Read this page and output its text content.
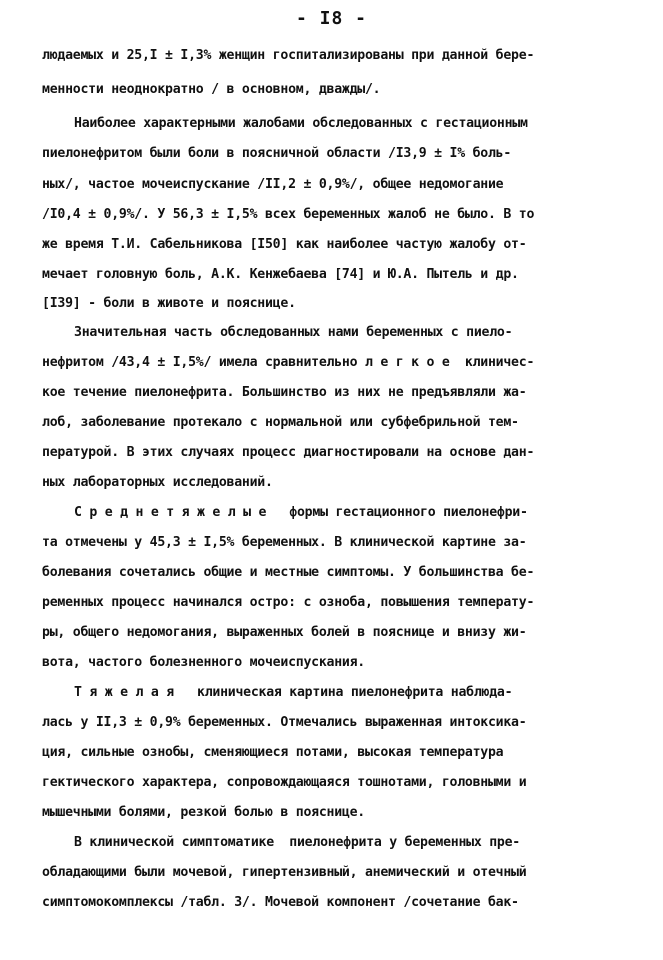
- I8 -
людаемых и 25,I ± I,3% женщин госпитализированы при данной бере-
менности неоднократно / в основном, дважды/.
Наиболее характерными жалобами обследованных с гестационным
пиелонефритом были боли в поясничной области /I3,9 ± I% боль-
ных/, частое мочеиспускание /II,2 ± 0,9%/, общее недомогание
/I0,4 ± 0,9%/. У 56,3 ± I,5% всех беременных жалоб не было. В то
же время Т.И. Сабельникова [I50] как наиболее частую жалобу от-
мечает головную боль, А.К. Кенжебаева [74] и Ю.А. Пытель и др.
[I39] - боли в животе и пояснице.
Значительная часть обследованных нами беременных с пиело-
нефритом /43,4 ± I,5%/ имела сравнительно л е г к о е  клиничес-
кое течение пиелонефрита. Большинство из них не предъявляли жа-
лоб, заболевание протекало с нормальной или субфебрильной тем-
пературой. В этих случаях процесс диагностировали на основе дан-
ных лабораторных исследований.
С р е д н е т я ж е л ы е   формы гестационного пиелонефри-
та отмечены у 45,3 ± I,5% беременных. В клинической картине за-
болевания сочетались общие и местные симптомы. У большинства бе-
ременных процесс начинался остро: с озноба, повышения температу-
ры, общего недомогания, выраженных болей в пояснице и внизу жи-
вота, частого болезненного мочеиспускания.
Т я ж е л а я   клиническая картина пиелонефрита наблюда-
лась у II,3 ± 0,9% беременных. Отмечались выраженная интоксика-
ция, сильные ознобы, сменяющиеся потами, высокая температура
гектического характера, сопровождающаяся тошнотами, головными и
мышечными болями, резкой болью в пояснице.
В клинической симптоматике  пиелонефрита у беременных пре-
обладающими были мочевой, гипертензивный, анемический и отечный
симптомокомплексы /табл. 3/. Мочевой компонент /сочетание бак-
